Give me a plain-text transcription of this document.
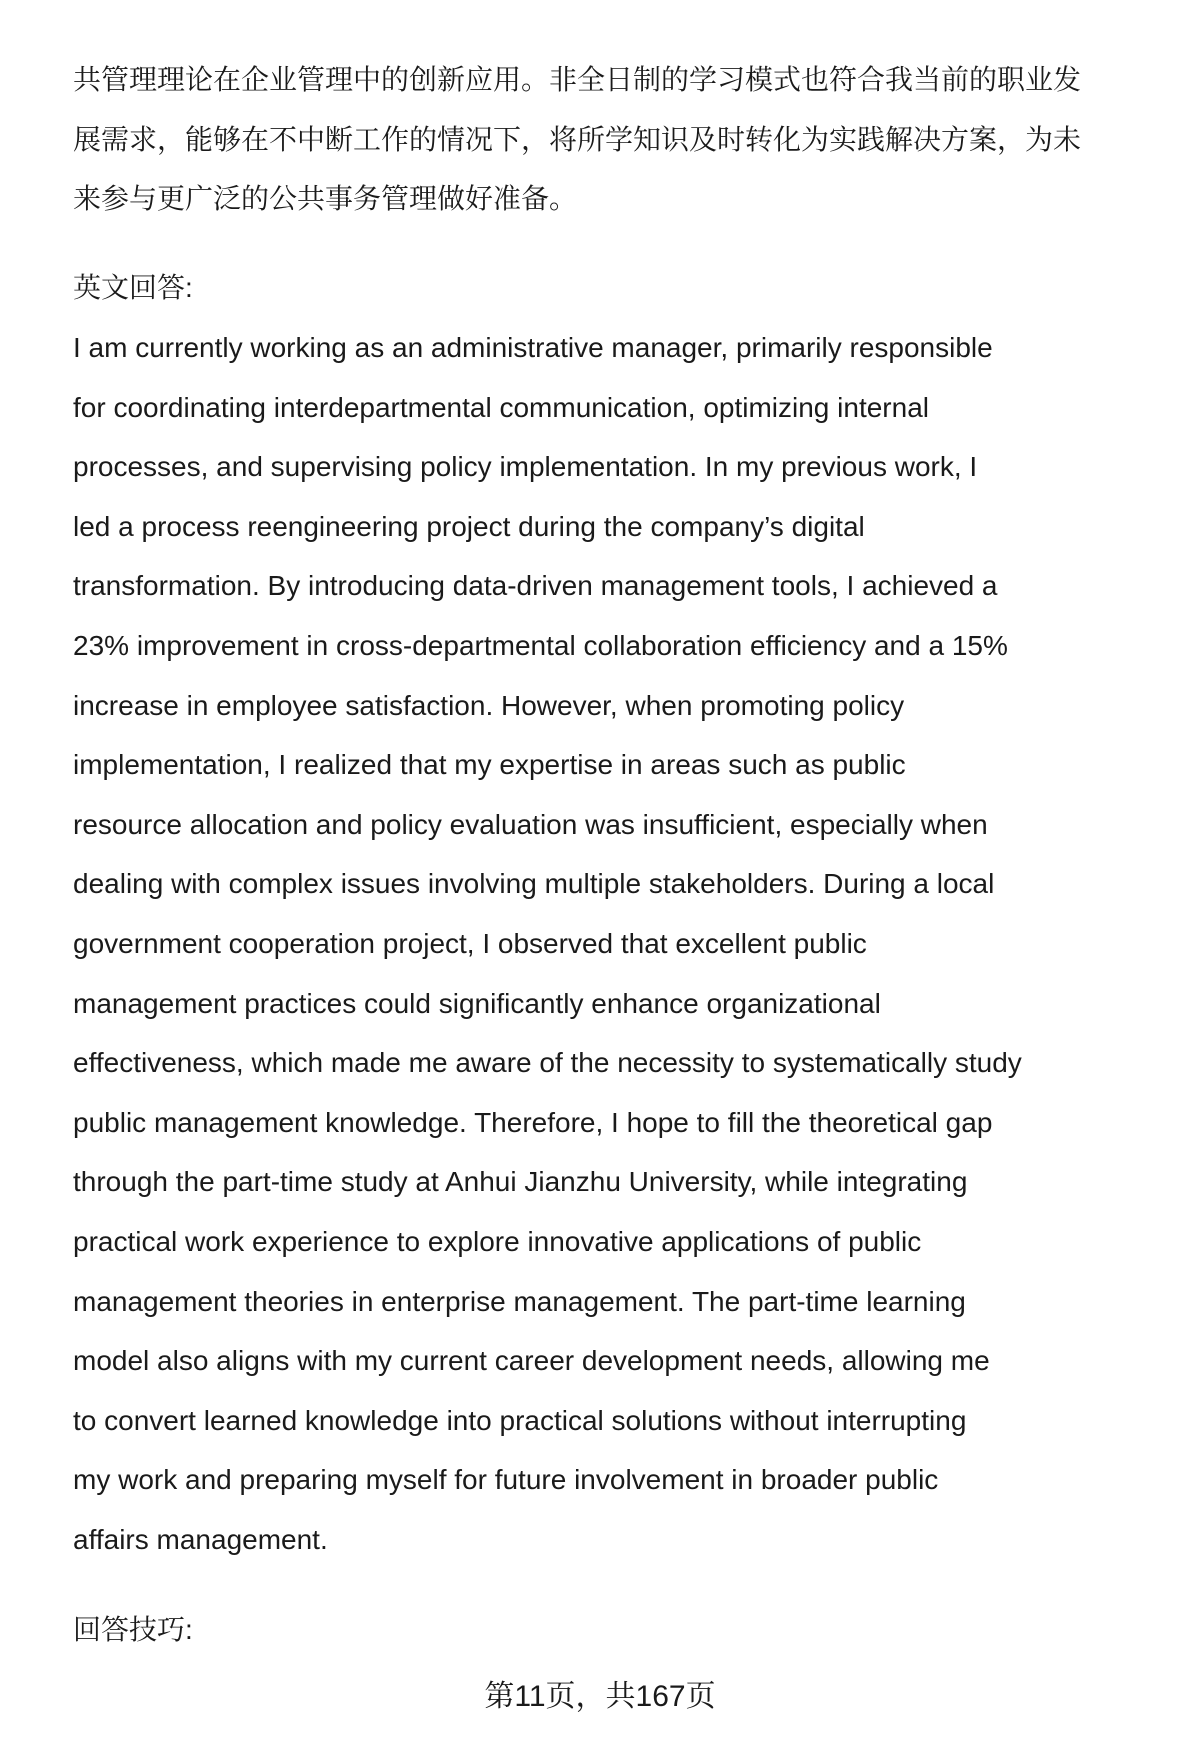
共管理理论在企业管理中的创新应用。非全日制的学习模式也符合我当前的职业发
展需求，能够在不中断工作的情况下，将所学知识及时转化为实践解决方案，为未
来参与更广泛的公共事务管理做好准备。
英文回答:
I am currently working as an administrative manager, primarily responsible
for coordinating interdepartmental communication, optimizing internal
processes, and supervising policy implementation. In my previous work, I
led a process reengineering project during the company’s digital
transformation. By introducing data-driven management tools, I achieved a
23% improvement in cross-departmental collaboration efficiency and a 15%
increase in employee satisfaction. However, when promoting policy
implementation, I realized that my expertise in areas such as public
resource allocation and policy evaluation was insufficient, especially when
dealing with complex issues involving multiple stakeholders. During a local
government cooperation project, I observed that excellent public
management practices could significantly enhance organizational
effectiveness, which made me aware of the necessity to systematically study
public management knowledge. Therefore, I hope to fill the theoretical gap
through the part-time study at Anhui Jianzhu University, while integrating
practical work experience to explore innovative applications of public
management theories in enterprise management. The part-time learning
model also aligns with my current career development needs, allowing me
to convert learned knowledge into practical solutions without interrupting
my work and preparing myself for future involvement in broader public
affairs management.
回答技巧:
第11页，共167页
